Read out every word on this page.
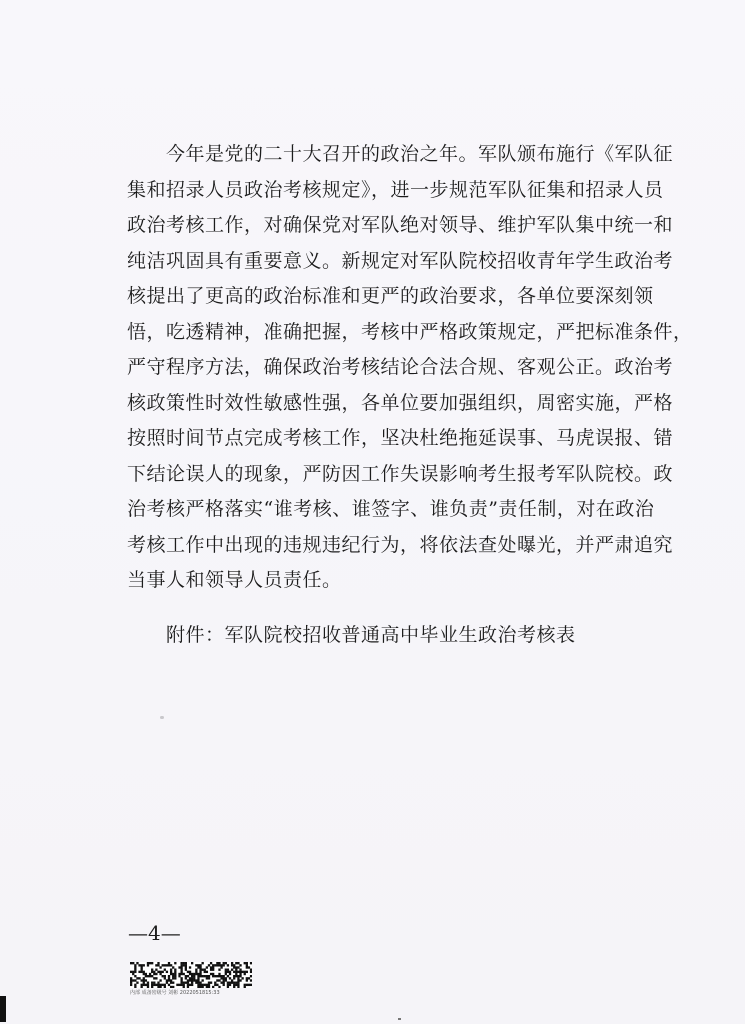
今年是党的二十大召开的政治之年。军队颁布施行《军队征
集和招录人员政治考核规定》，进一步规范军队征集和招录人员
政治考核工作，对确保党对军队绝对领导、维护军队集中统一和
纯洁巩固具有重要意义。新规定对军队院校招收青年学生政治考
核提出了更高的政治标准和更严的政治要求，各单位要深刻领
悟，吃透精神，准确把握，考核中严格政策规定，严把标准条件，
严守程序方法，确保政治考核结论合法合规、客观公正。政治考
核政策性时效性敏感性强，各单位要加强组织，周密实施，严格
按照时间节点完成考核工作，坚决杜绝拖延误事、马虎误报、错
下结论误人的现象，严防因工作失误影响考生报考军队院校。政
治考核严格落实“谁考核、谁签字、谁负责”责任制，对在政治
考核工作中出现的违规违纪行为，将依法查处曝光，并严肃追究
当事人和领导人员责任。
附件：军队院校招收普通高中毕业生政治考核表
—4—
内部 成备密级号 刘彬 2022051815:33
